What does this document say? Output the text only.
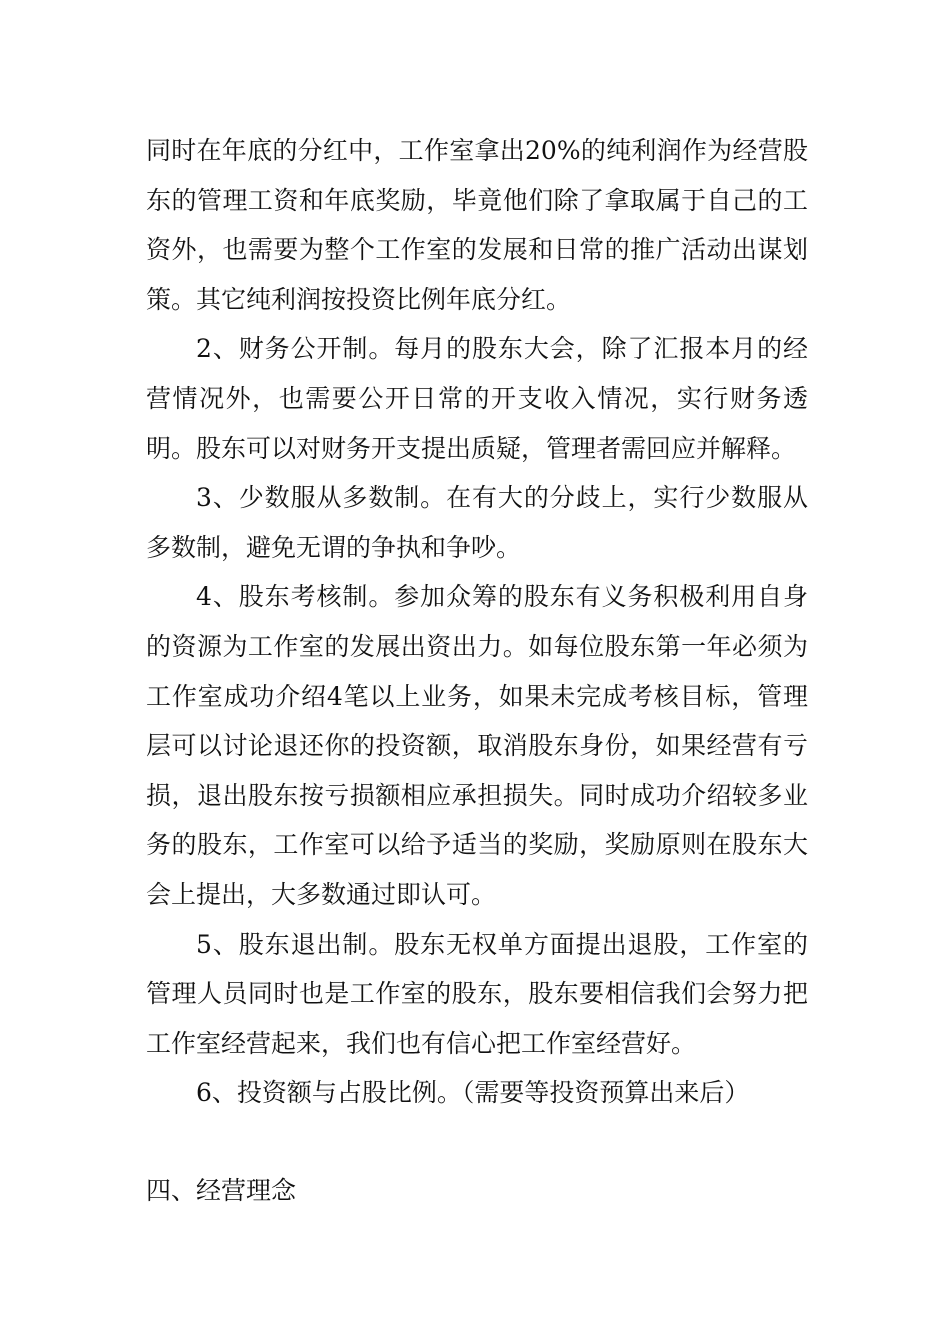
同时在年底的分红中，工作室拿出20%的纯利润作为经营股东的管理工资和年底奖励，毕竟他们除了拿取属于自己的工资外，也需要为整个工作室的发展和日常的推广活动出谋划策。其它纯利润按投资比例年底分红。

2、财务公开制。每月的股东大会，除了汇报本月的经营情况外，也需要公开日常的开支收入情况，实行财务透明。股东可以对财务开支提出质疑，管理者需回应并解释。

3、少数服从多数制。在有大的分歧上，实行少数服从多数制，避免无谓的争执和争吵。

4、股东考核制。参加众筹的股东有义务积极利用自身的资源为工作室的发展出资出力。如每位股东第一年必须为工作室成功介绍4笔以上业务，如果未完成考核目标，管理层可以讨论退还你的投资额，取消股东身份，如果经营有亏损，退出股东按亏损额相应承担损失。同时成功介绍较多业务的股东，工作室可以给予适当的奖励，奖励原则在股东大会上提出，大多数通过即认可。

5、股东退出制。股东无权单方面提出退股，工作室的管理人员同时也是工作室的股东，股东要相信我们会努力把工作室经营起来，我们也有信心把工作室经营好。

6、投资额与占股比例。（需要等投资预算出来后）

四、经营理念
